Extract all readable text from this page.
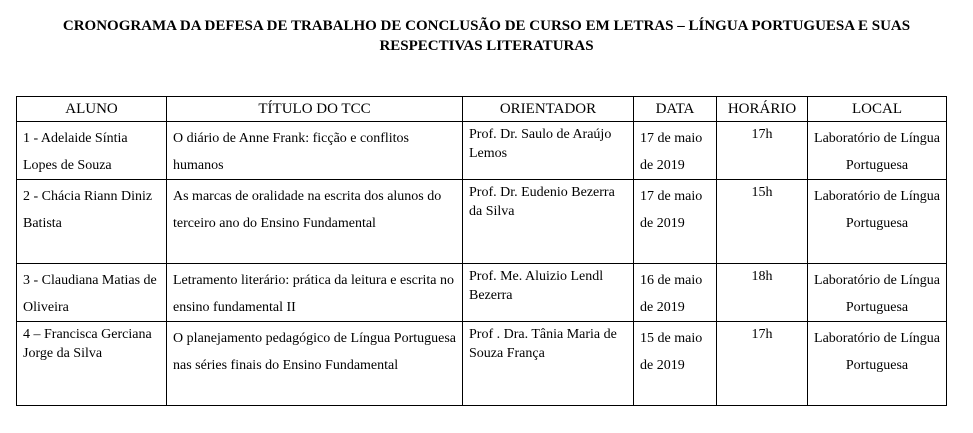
CRONOGRAMA DA DEFESA DE TRABALHO DE CONCLUSÃO DE CURSO EM LETRAS – LÍNGUA PORTUGUESA E SUAS
RESPECTIVAS LITERATURAS
ALUNO	TÍTULO DO TCC	ORIENTADOR	DATA	HORÁRIO	LOCAL
1 - Adelaide Síntia Lopes de Souza	O diário de Anne Frank: ficção e conflitos humanos	Prof. Dr. Saulo de Araújo Lemos	17 de maio de 2019	17h	Laboratório de Língua Portuguesa
2 - Chácia Riann Diniz Batista	As marcas de oralidade na escrita dos alunos do terceiro ano do Ensino Fundamental	Prof. Dr. Eudenio Bezerra da Silva	17 de maio de 2019	15h	Laboratório de Língua Portuguesa
3 - Claudiana Matias de Oliveira	Letramento literário: prática da leitura e escrita no ensino fundamental II	Prof. Me. Aluizio Lendl Bezerra	16 de maio de 2019	18h	Laboratório de Língua Portuguesa
4 – Francisca Gerciana Jorge da Silva	O planejamento pedagógico de Língua Portuguesa nas séries finais do Ensino Fundamental	Prof . Dra. Tânia Maria de Souza França	15 de maio de 2019	17h	Laboratório de Língua Portuguesa
